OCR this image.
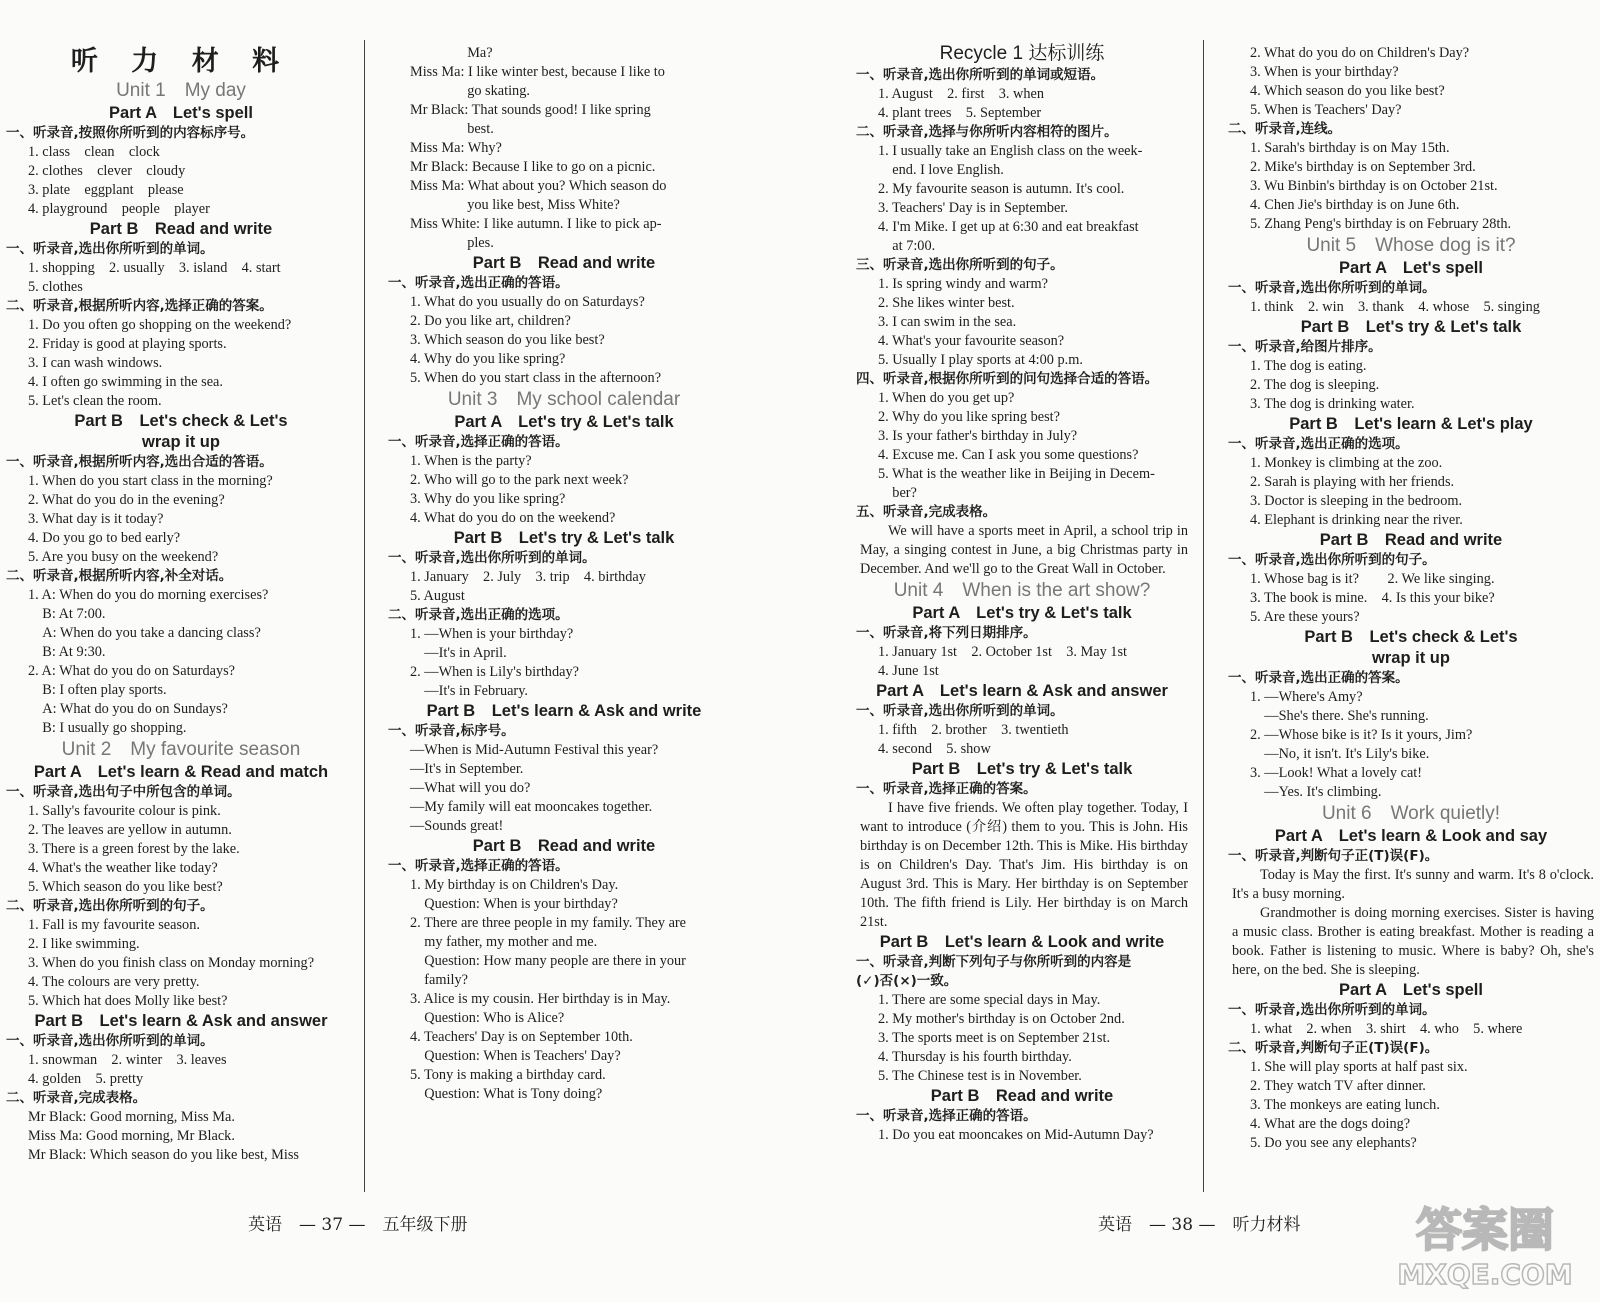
听 力 材 料
Unit 1　My day
Part A　Let's spell
一、听录音,按照你所听到的内容标序号。
1. class　clean　clock
2. clothes　clever　cloudy
3. plate　eggplant　please
4. playground　people　player
Part B　Read and write
一、听录音,选出你所听到的单词。
1. shopping　2. usually　3. island　4. start
5. clothes
二、听录音,根据所听内容,选择正确的答案。
1. Do you often go shopping on the weekend?
2. Friday is good at playing sports.
3. I can wash windows.
4. I often go swimming in the sea.
5. Let's clean the room.
Part B　Let's check & Let's
wrap it up
一、听录音,根据所听内容,选出合适的答语。
1. When do you start class in the morning?
2. What do you do in the evening?
3. What day is it today?
4. Do you go to bed early?
5. Are you busy on the weekend?
二、听录音,根据所听内容,补全对话。
1. A: When do you do morning exercises?
B: At 7:00.
A: When do you take a dancing class?
B: At 9:30.
2. A: What do you do on Saturdays?
B: I often play sports.
A: What do you do on Sundays?
B: I usually go shopping.
Unit 2　My favourite season
Part A　Let's learn & Read and match
一、听录音,选出句子中所包含的单词。
1. Sally's favourite colour is pink.
2. The leaves are yellow in autumn.
3. There is a green forest by the lake.
4. What's the weather like today?
5. Which season do you like best?
二、听录音,选出你所听到的句子。
1. Fall is my favourite season.
2. I like swimming.
3. When do you finish class on Monday morning?
4. The colours are very pretty.
5. Which hat does Molly like best?
Part B　Let's learn & Ask and answer
一、听录音,选出你所听到的单词。
1. snowman　2. winter　3. leaves
4. golden　5. pretty
二、听录音,完成表格。
Mr Black: Good morning, Miss Ma.
Miss Ma: Good morning, Mr Black.
Mr Black: Which season do you like best, Miss
Ma?
Miss Ma: I like winter best, because I like to
go skating.
Mr Black: That sounds good! I like spring
best.
Miss Ma: Why?
Mr Black: Because I like to go on a picnic.
Miss Ma: What about you? Which season do
you like best, Miss White?
Miss White: I like autumn. I like to pick ap-
ples.
Part B　Read and write
一、听录音,选出正确的答语。
1. What do you usually do on Saturdays?
2. Do you like art, children?
3. Which season do you like best?
4. Why do you like spring?
5. When do you start class in the afternoon?
Unit 3　My school calendar
Part A　Let's try & Let's talk
一、听录音,选择正确的答语。
1. When is the party?
2. Who will go to the park next week?
3. Why do you like spring?
4. What do you do on the weekend?
Part B　Let's try & Let's talk
一、听录音,选出你所听到的单词。
1. January　2. July　3. trip　4. birthday
5. August
二、听录音,选出正确的选项。
1. —When is your birthday?
—It's in April.
2. —When is Lily's birthday?
—It's in February.
Part B　Let's learn & Ask and write
一、听录音,标序号。
—When is Mid-Autumn Festival this year?
—It's in September.
—What will you do?
—My family will eat mooncakes together.
—Sounds great!
Part B　Read and write
一、听录音,选择正确的答语。
1. My birthday is on Children's Day.
Question: When is your birthday?
2. There are three people in my family. They are
my father, my mother and me.
Question: How many people are there in your
family?
3. Alice is my cousin. Her birthday is in May.
Question: Who is Alice?
4. Teachers' Day is on September 10th.
Question: When is Teachers' Day?
5. Tony is making a birthday card.
Question: What is Tony doing?
Recycle 1 达标训练
一、听录音,选出你所听到的单词或短语。
1. August　2. first　3. when
4. plant trees　5. September
二、听录音,选择与你所听内容相符的图片。
1. I usually take an English class on the week-
end. I love English.
2. My favourite season is autumn. It's cool.
3. Teachers' Day is in September.
4. I'm Mike. I get up at 6:30 and eat breakfast
at 7:00.
三、听录音,选出你所听到的句子。
1. Is spring windy and warm?
2. She likes winter best.
3. I can swim in the sea.
4. What's your favourite season?
5. Usually I play sports at 4:00 p.m.
四、听录音,根据你所听到的问句选择合适的答语。
1. When do you get up?
2. Why do you like spring best?
3. Is your father's birthday in July?
4. Excuse me. Can I ask you some questions?
5. What is the weather like in Beijing in Decem-
ber?
五、听录音,完成表格。
We will have a sports meet in April, a school trip in May, a singing contest in June, a big Christmas party in December. And we'll go to the Great Wall in October.
Unit 4　When is the art show?
Part A　Let's try & Let's talk
一、听录音,将下列日期排序。
1. January 1st　2. October 1st　3. May 1st
4. June 1st
Part A　Let's learn & Ask and answer
一、听录音,选出你所听到的单词。
1. fifth　2. brother　3. twentieth
4. second　5. show
Part B　Let's try & Let's talk
一、听录音,选择正确的答案。
I have five friends. We often play together. Today, I want to introduce (介绍) them to you. This is John. His birthday is on December 12th. This is Mike. His birthday is on Children's Day. That's Jim. His birthday is on August 3rd. This is Mary. Her birthday is on September 10th. The fifth friend is Lily. Her birthday is on March 21st.
Part B　Let's learn & Look and write
一、听录音,判断下列句子与你所听到的内容是
(✓)否(×)一致。
1. There are some special days in May.
2. My mother's birthday is on October 2nd.
3. The sports meet is on September 21st.
4. Thursday is his fourth birthday.
5. The Chinese test is in November.
Part B　Read and write
一、听录音,选择正确的答语。
1. Do you eat mooncakes on Mid-Autumn Day?
2. What do you do on Children's Day?
3. When is your birthday?
4. Which season do you like best?
5. When is Teachers' Day?
二、听录音,连线。
1. Sarah's birthday is on May 15th.
2. Mike's birthday is on September 3rd.
3. Wu Binbin's birthday is on October 21st.
4. Chen Jie's birthday is on June 6th.
5. Zhang Peng's birthday is on February 28th.
Unit 5　Whose dog is it?
Part A　Let's spell
一、听录音,选出你所听到的单词。
1. think　2. win　3. thank　4. whose　5. singing
Part B　Let's try & Let's talk
一、听录音,给图片排序。
1. The dog is eating.
2. The dog is sleeping.
3. The dog is drinking water.
Part B　Let's learn & Let's play
一、听录音,选出正确的选项。
1. Monkey is climbing at the zoo.
2. Sarah is playing with her friends.
3. Doctor is sleeping in the bedroom.
4. Elephant is drinking near the river.
Part B　Read and write
一、听录音,选出你所听到的句子。
1. Whose bag is it?　　2. We like singing.
3. The book is mine.　4. Is this your bike?
5. Are these yours?
Part B　Let's check & Let's
wrap it up
一、听录音,选出正确的答案。
1. —Where's Amy?
—She's there. She's running.
2. —Whose bike is it? Is it yours, Jim?
—No, it isn't. It's Lily's bike.
3. —Look! What a lovely cat!
—Yes. It's climbing.
Unit 6　Work quietly!
Part A　Let's learn & Look and say
一、听录音,判断句子正(T)误(F)。
Today is May the first. It's sunny and warm. It's 8 o'clock. It's a busy morning.
Grandmother is doing morning exercises. Sister is having a music class. Brother is eating breakfast. Mother is reading a book. Father is listening to music. Where is baby? Oh, she's here, on the bed. She is sleeping.
Part A　Let's spell
一、听录音,选出你所听到的单词。
1. what　2. when　3. shirt　4. who　5. where
二、听录音,判断句子正(T)误(F)。
1. She will play sports at half past six.
2. They watch TV after dinner.
3. The monkeys are eating lunch.
4. What are the dogs doing?
5. Do you see any elephants?
英语　— 37 —　五年级下册	英语　— 38 —　听力材料	答案圈
MXQE.COM
